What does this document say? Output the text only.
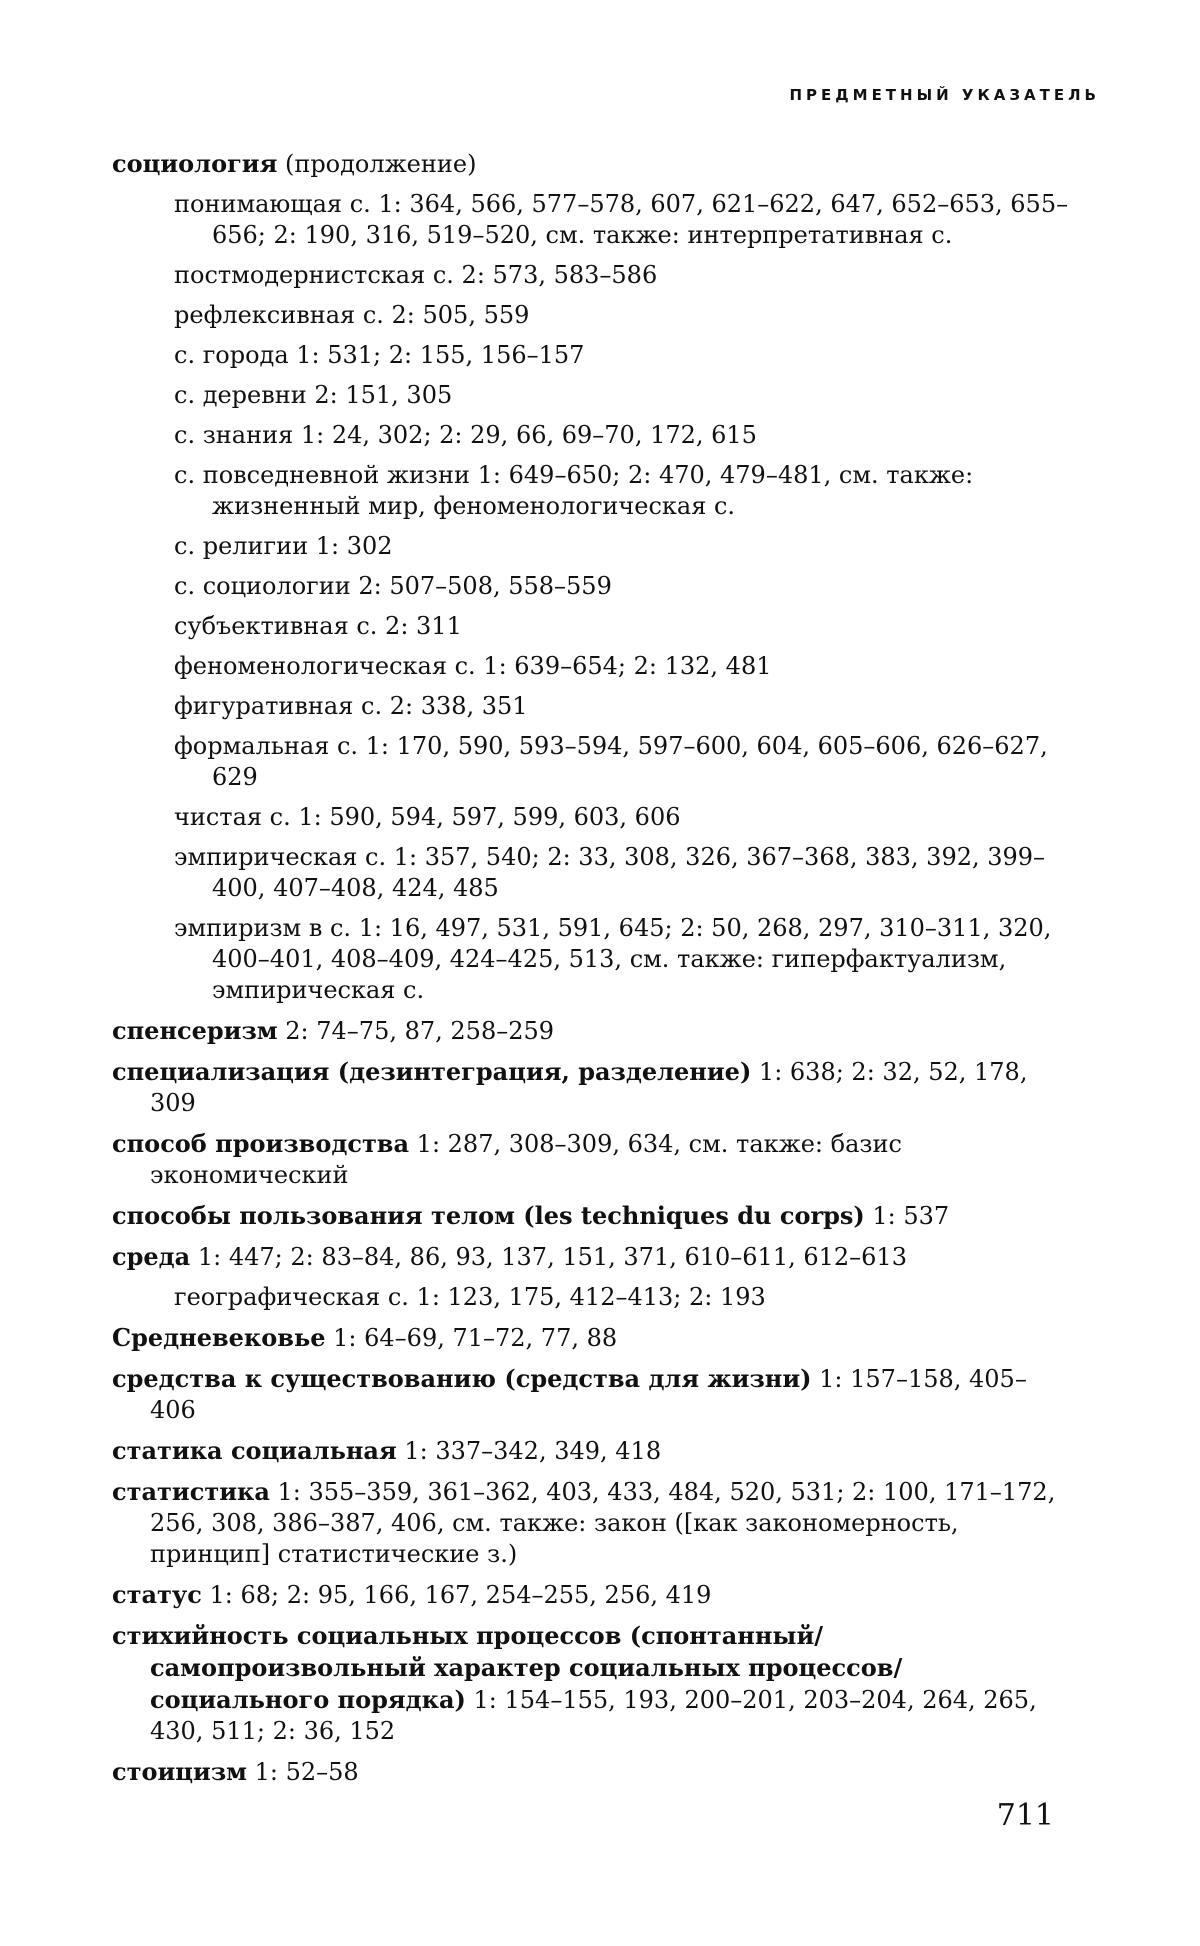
ПРЕДМЕТНЫЙ УКАЗАТЕЛЬ
социология (продолжение)
понимающая с. 1: 364, 566, 577–578, 607, 621–622, 647, 652–653, 655–656; 2: 190, 316, 519–520, см. также: интерпретативная с.
постмодернистская с. 2: 573, 583–586
рефлексивная с. 2: 505, 559
с. города 1: 531; 2: 155, 156–157
с. деревни 2: 151, 305
с. знания 1: 24, 302; 2: 29, 66, 69–70, 172, 615
с. повседневной жизни 1: 649–650; 2: 470, 479–481, см. также: жизненный мир, феноменологическая с.
с. религии 1: 302
с. социологии 2: 507–508, 558–559
субъективная с. 2: 311
феноменологическая с. 1: 639–654; 2: 132, 481
фигуративная с. 2: 338, 351
формальная с. 1: 170, 590, 593–594, 597–600, 604, 605–606, 626–627, 629
чистая с. 1: 590, 594, 597, 599, 603, 606
эмпирическая с. 1: 357, 540; 2: 33, 308, 326, 367–368, 383, 392, 399–400, 407–408, 424, 485
эмпиризм в с. 1: 16, 497, 531, 591, 645; 2: 50, 268, 297, 310–311, 320, 400–401, 408–409, 424–425, 513, см. также: гиперфактуализм, эмпирическая с.
спенсеризм 2: 74–75, 87, 258–259
специализация (дезинтеграция, разделение) 1: 638; 2: 32, 52, 178, 309
способ производства 1: 287, 308–309, 634, см. также: базис экономический
способы пользования телом (les techniques du corps) 1: 537
среда 1: 447; 2: 83–84, 86, 93, 137, 151, 371, 610–611, 612–613
географическая с. 1: 123, 175, 412–413; 2: 193
Средневековье 1: 64–69, 71–72, 77, 88
средства к существованию (средства для жизни) 1: 157–158, 405–406
статика социальная 1: 337–342, 349, 418
статистика 1: 355–359, 361–362, 403, 433, 484, 520, 531; 2: 100, 171–172, 256, 308, 386–387, 406, см. также: закон ([как закономерность, принцип] статистические з.)
статус 1: 68; 2: 95, 166, 167, 254–255, 256, 419
стихийность социальных процессов (спонтанный/самопроизвольный характер социальных процессов/социального порядка) 1: 154–155, 193, 200–201, 203–204, 264, 265, 430, 511; 2: 36, 152
стоицизм 1: 52–58
711
